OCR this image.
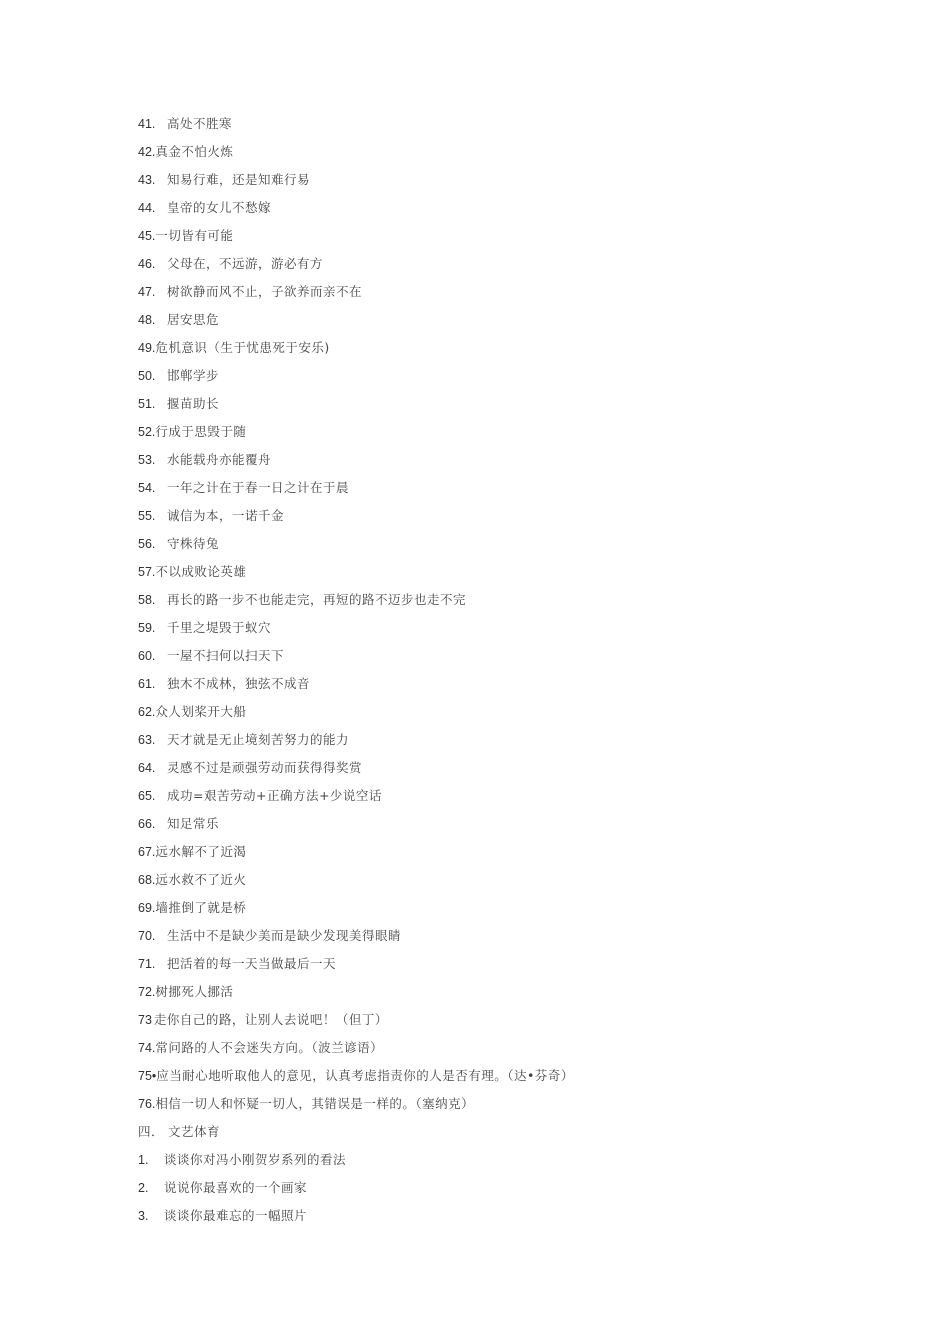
41. 高处不胜寒
42. 真金不怕火炼
43. 知易行难，还是知难行易
44. 皇帝的女儿不愁嫁
45. 一切皆有可能
46. 父母在，不远游，游必有方
47. 树欲静而风不止，子欲养而亲不在
48. 居安思危
49. 危机意识（生于忧患死于安乐)
50. 邯郸学步
51. 揠苗助长
52. 行成于思毁于随
53. 水能载舟亦能覆舟
54. 一年之计在于春一日之计在于晨
55. 诚信为本，一诺千金
56. 守株待兔
57. 不以成败论英雄
58. 再长的路一步不也能走完，再短的路不迈步也走不完
59. 千里之堤毁于蚁穴
60. 一屋不扫何以扫天下
61. 独木不成林，独弦不成音
62. 众人划桨开大船
63. 天才就是无止境刻苦努力的能力
64. 灵感不过是顽强劳动而获得得奖赏
65. 成功=艰苦劳动+正确方法+少说空话
66. 知足常乐
67. 远水解不了近渴
68. 远水救不了近火
69. 墙推倒了就是桥
70. 生活中不是缺少美而是缺少发现美得眼睛
71. 把活着的每一天当做最后一天
72. 树挪死人挪活
73 走你自己的路，让别人去说吧！（但丁）
74. 常问路的人不会迷失方向。（波兰谚语）
75• 应当耐心地听取他人的意见，认真考虑指责你的人是否有理。（达•芬奇）
76. 相信一切人和怀疑一切人，其错误是一样的。（塞纳克）
四． 文艺体育
1.	谈谈你对冯小刚贺岁系列的看法
2.	说说你最喜欢的一个画家
3.	谈谈你最难忘的一幅照片
